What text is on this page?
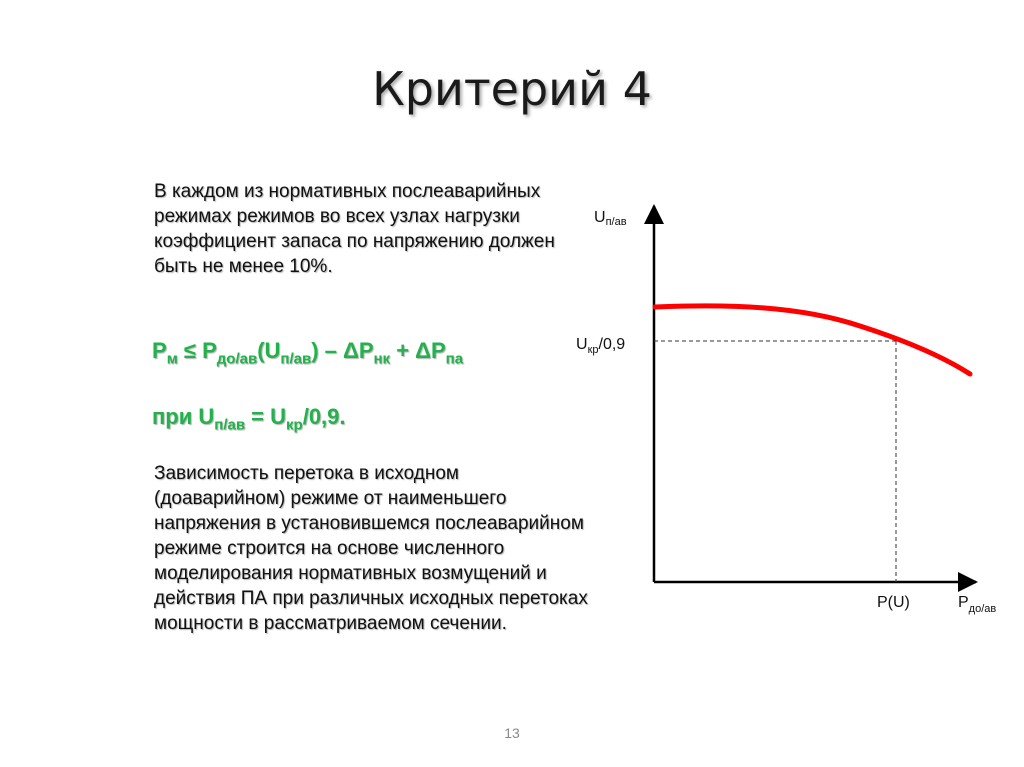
Критерий 4
В каждом из нормативных послеаварийных режимах режимов во всех узлах нагрузки коэффициент запаса по напряжению должен быть не менее 10%.
$P_м \le P_{до/ав}(U_{п/ав}) - \Delta P_{нк} + \Delta P_{па}$
при $U_{п/ав} = U_{кр}/0,9$.
Зависимость перетока в исходном (доаварийном) режиме от наименьшего напряжения в установившемся послеаварийном режиме строится на основе численного моделирования нормативных возмущений и действия ПА при различных исходных перетоках мощности в рассматриваемом сечении.
Uп/ав
$U_{кр}/0,9$
P(U)	$P_{до/ав}$
13
